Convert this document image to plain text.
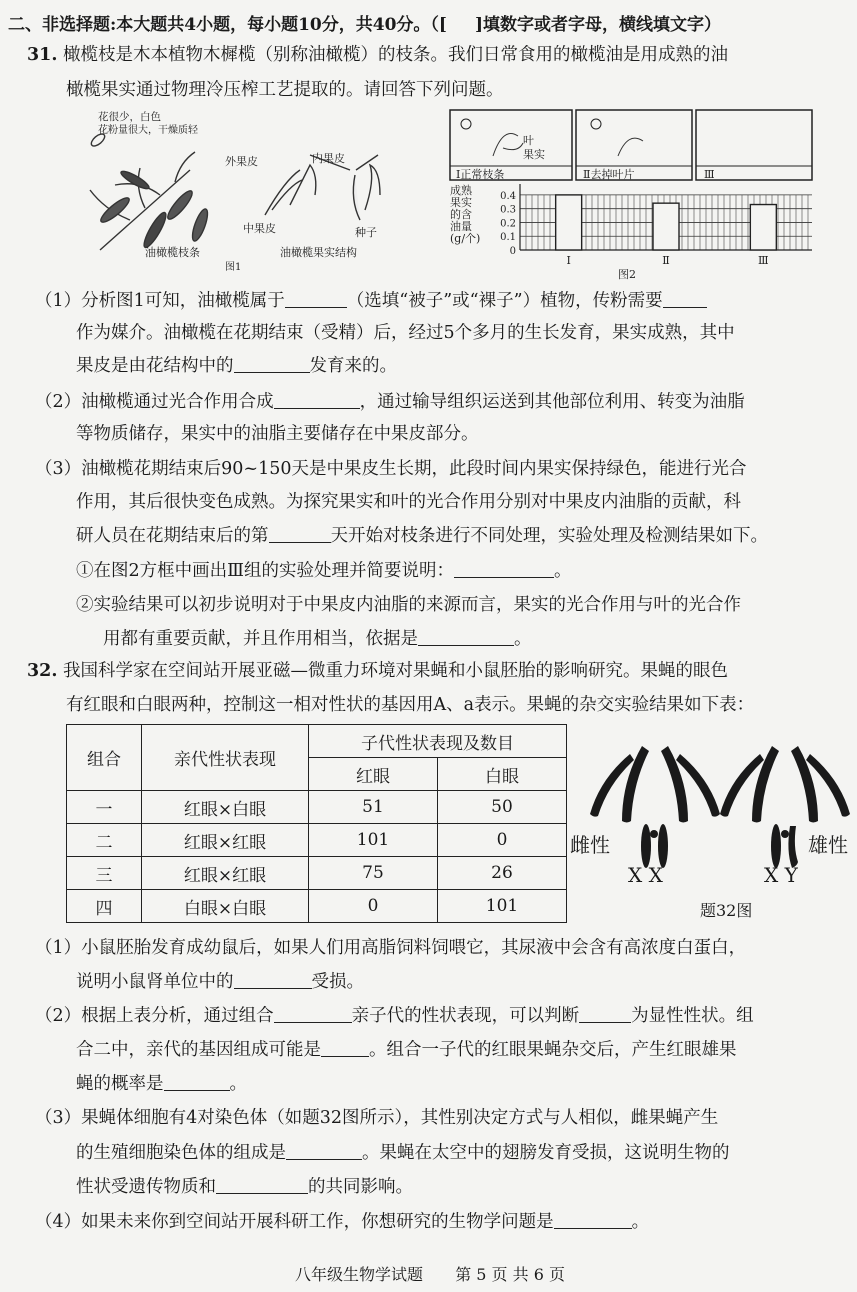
二、非选择题:本大题共4小题，每小题10分，共40分。（[ ]填数字或者字母，横线填文字）
31. 橄榄枝是木本植物木樨榄（别称油橄榄）的枝条。我们日常食用的橄榄油是用成熟的油
橄榄果实通过物理冷压榨工艺提取的。请回答下列问题。
花很少，白色
花粉量很大，干燥质轻
油橄榄枝条
图1
外果皮	内果皮
中果皮	种子
油橄榄果实结构
叶
果实
Ⅰ正常枝条	Ⅱ去掉叶片	Ⅲ
成熟
果实
的含
油量
(g/个)
0
0.1
0.2
0.3
0.4
Ⅰ	Ⅱ	Ⅲ
图2
（1）分析图1可知，油橄榄属于	（选填“被子”或“裸子”）植物，传粉需要
作为媒介。油橄榄在花期结束（受精）后，经过5个多月的生长发育，果实成熟，其中
果皮是由花结构中的	发育来的。
（2）油橄榄通过光合作用合成	，通过输导组织运送到其他部位利用、转变为油脂
等物质储存，果实中的油脂主要储存在中果皮部分。
（3）油橄榄花期结束后90~150天是中果皮生长期，此段时间内果实保持绿色，能进行光合
作用，其后很快变色成熟。为探究果实和叶的光合作用分别对中果皮内油脂的贡献，科
研人员在花期结束后的第	天开始对枝条进行不同处理，实验处理及检测结果如下。
①在图2方框中画出Ⅲ组的实验处理并简要说明：	。
②实验结果可以初步说明对于中果皮内油脂的来源而言，果实的光合作用与叶的光合作
用都有重要贡献，并且作用相当，依据是	。
32. 我国科学家在空间站开展亚磁—微重力环境对果蝇和小鼠胚胎的影响研究。果蝇的眼色
有红眼和白眼两种，控制这一相对性状的基因用A、a表示。果蝇的杂交实验结果如下表：
组合	亲代性状表现	子代性状表现及数目	
		红眼	白眼
一	红眼×白眼	51	50
二	红眼×红眼	101	0
三	红眼×红眼	75	26
四	白眼×白眼	0	101
雌性	雄性
X X	X Y
题32图
（1）小鼠胚胎发育成幼鼠后，如果人们用高脂饲料饲喂它，其尿液中会含有高浓度白蛋白，
说明小鼠肾单位中的	受损。
（2）根据上表分析，通过组合	亲子代的性状表现，可以判断	为显性性状。组
合二中，亲代的基因组成可能是	。组合一子代的红眼果蝇杂交后，产生红眼雄果
蝇的概率是	。
（3）果蝇体细胞有4对染色体（如题32图所示），其性别决定方式与人相似，雌果蝇产生
的生殖细胞染色体的组成是	。果蝇在太空中的翅膀发育受损，这说明生物的
性状受遗传物质和	的共同影响。
（4）如果未来你到空间站开展科研工作，你想研究的生物学问题是	。
八年级生物学试题 第 5 页 共 6 页
